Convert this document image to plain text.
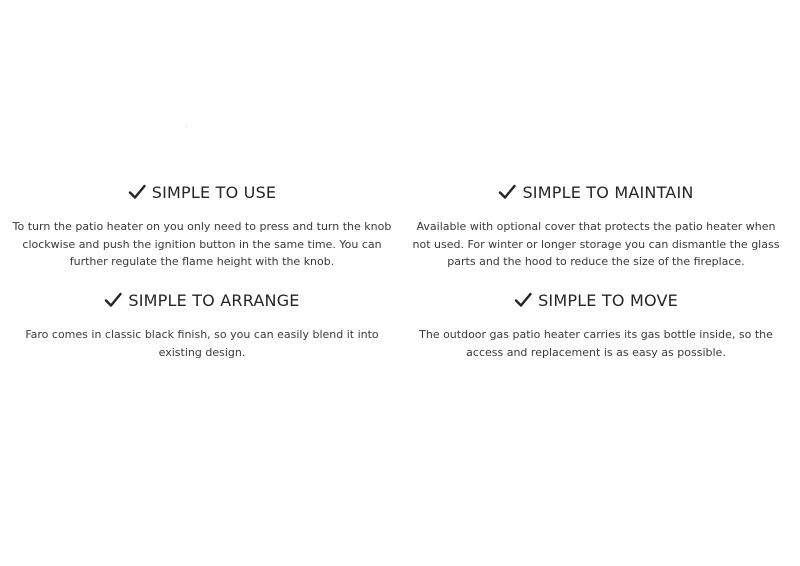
SIMPLE TO USE

To turn the patio heater on you only need to press and turn the knob clockwise and push the ignition button in the same time. You can further regulate the flame height with the knob.

SIMPLE TO MAINTAIN

Available with optional cover that protects the patio heater when not used. For winter or longer storage you can dismantle the glass parts and the hood to reduce the size of the fireplace.

SIMPLE TO ARRANGE

Faro comes in classic black finish, so you can easily blend it into existing design.

SIMPLE TO MOVE

The outdoor gas patio heater carries its gas bottle inside, so the access and replacement is as easy as possible.
